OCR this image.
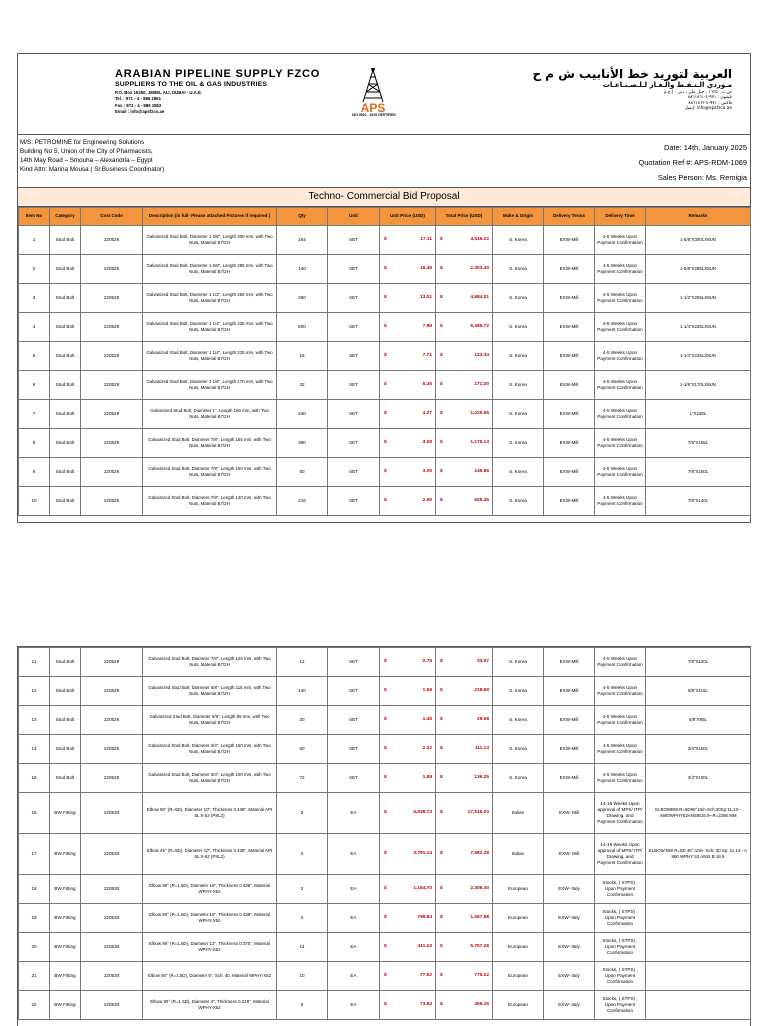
ARABIAN PIPELINE SUPPLY FZCO
SUPPLIERS TO THE OIL & GAS INDUSTRIES
P.O. Box 16250, JEBEL ALI, DUBAI - U.A.E.
Tel. : 971 - 4 - 886 1861
Fax : 971 - 4 - 886 1862
Email : info@apsfzco.ae	APS
ISO 9001 : 2015 CERTIFIED
العربية لتوريد خط الأنابيب ش م ح
مـوردي الـنـفـط والـغـاز لـلـصـنـاعـات
ص.ب ١٦٢٥٠ ، جبل علي ، دبي - إ.ع.م
تليفون : ٩٧١-٤-٨٨٦١٨٦١
فاكس : ٩٧١-٤-٨٨٦١٨٦٢
info@apsfzco.ae :إيميل
M/S: PETROMINE for Engineering Solutions
Building No 5, Union of the City of Pharmacists,
14th May Road – Smouha – Alexandria – Egypt
Kind Attn: Marina Mousa ( Sr.Business Coordinator)
Date: 14th, January 2025
Quotation Ref #: APS-RDM-1069
Sales Person: Ms. Remigia
Techno- Commercial Bid Proposal
Item No	Category	Cost Code	Description (in full- Please attached Pictures if required )	Qty	Unit	Unit Price (USD)	Total Price (USD)	Make & Origin	Delivery Terms	Delivery Time	Remarks
1	Stud Bolt	220529	Galvanized Stud Bolt, Diameter 1 5/8", Length 300 mm, with Two Nuts, Material B7/2H	264	SET	$ 17.11	$ 4,516.22	S. Korea	EXW-Mill	4-5 Weeks Upon Payment Confirmation	1-5/8"X300LX8UN
2	Stud Bolt	220529	Galvanized Stud Bolt, Diameter 1 5/8", Length 285 mm, with Two Nuts, Material B7/2H	140	SET	$ 16.45	$ 2,303.40	S. Korea	EXW-Mill	4-5 Weeks Upon Payment Confirmation	1-5/8"X285LX8UN
3	Stud Bolt	220529	Galvanized Stud Bolt, Diameter 1 1/2", Length 265 mm, with Two Nuts, Material B7/2H	360	SET	$ 13.01	$ 4,684.01	S. Korea	EXW-Mill	4-5 Weeks Upon Payment Confirmation	1-1/2"X265LX8UN
4	Stud Bolt	220529	Galvanized Stud Bolt, Diameter 1 1/4", Length 235 mm, with Two Nuts, Material B7/2H	800	SET	$ 7.99	$ 6,395.72	S. Korea	EXW-Mill	4-5 Weeks Upon Payment Confirmation	1-1/4"X235LX8UN
5	Stud Bolt	220529	Galvanized Stud Bolt, Diameter 1 1/4", Length 225 mm, with Two Nuts, Material B7/2H	16	SET	$ 7.71	$ 123.34	S. Korea	EXW-Mill	4-5 Weeks Upon Payment Confirmation	1-1/4"X225LX8UN
6	Stud Bolt	220529	Galvanized Stud Bolt, Diameter 1 1/8", Length 170 mm, with Two Nuts, Material B7/2H	32	SET	$ 5.35	$ 171.20	S. Korea	EXW-Mill	4-5 Weeks Upon Payment Confirmation	1-1/8"X170LX8UN
7	Stud Bolt	220529	Galvanized Stud Bolt, Diameter 1", Length 180 mm, with Two Nuts, Material B7/2H	240	SET	$ 4.27	$ 1,025.65	S. Korea	EXW-Mill	4-5 Weeks Upon Payment Confirmation	1"X180L
8	Stud Bolt	220529	Galvanized Stud Bolt, Diameter 7/8", Length 155 mm, with Two Nuts, Material B7/2H	380	SET	$ 3.09	$ 1,175.13	S. Korea	EXW-Mill	4-5 Weeks Upon Payment Confirmation	7/8"X155L
9	Stud Bolt	220529	Galvanized Stud Bolt, Diameter 7/8", Length 150 mm, with Two Nuts, Material B7/2H	50	SET	$ 3.00	$ 149.86	S. Korea	EXW-Mill	4-5 Weeks Upon Payment Confirmation	7/8"X150L
10	Stud Bolt	220529	Galvanized Stud Bolt, Diameter 7/8", Length 140 mm, with Two Nuts, Material B7/2H	216	SET	$ 2.90	$ 625.45	S. Korea	EXW-Mill	4-5 Weeks Upon Payment Confirmation	7/8"X140L
11	Stud Bolt	220529	Galvanized Stud Bolt, Diameter 7/8", Length 120 mm, with Two Nuts, Material B7/2H	12	SET	$ 2.76	$ 33.07	S. Korea	EXW-Mill	4-5 Weeks Upon Payment Confirmation	7/8"X120L
12	Stud Bolt	220529	Galvanized Stud Bolt, Diameter 5/8", Length 115 mm, with Two Nuts, Material B7/2H	140	SET	$ 1.56	$ 218.69	S. Korea	EXW-Mill	4-5 Weeks Upon Payment Confirmation	5/8"X115L
13	Stud Bolt	220529	Galvanized Stud Bolt, Diameter 5/8", Length 95 mm, with Two Nuts, Material B7/2H	20	SET	$ 1.45	$ 29.08	S. Korea	EXW-Mill	4-5 Weeks Upon Payment Confirmation	5/8"X95L
14	Stud Bolt	220529	Galvanized Stud Bolt, Diameter 3/4", Length 150 mm, with Two Nuts, Material B7/2H	50	SET	$ 2.22	$ 111.13	S. Korea	EXW-Mill	4-5 Weeks Upon Payment Confirmation	3/4"X150L
15	Stud Bolt	220529	Galvanized Stud Bolt, Diameter 3/4", Length 100 mm, with Two Nuts, Material B7/2H	72	SET	$ 1.89	$ 136.25	S. Korea	EXW-Mill	4-5 Weeks Upon Payment Confirmation	3/4"X100L
16	BW Fitting	220530	Elbow 90° (R=5D), Diameter 10", Thickness 0.438", Material API 5L X-52 (PSL2)	3	EA	$ 5,838.73	$ 17,516.20	Italian	EXW- Mill	14-16 Weeks Upon approval of MPS/ ITP/ Drawing, and Payment Confirmation	ELBOWBW:R=5D90°10in-Sch:30Sp:11,13-- A860WPHY52ANSIB16.9--R=2286 MM
17	BW Fitting	220530	Elbow 45° (R=5D), Diameter 10", Thickness 0.438", Material API 5L X-52 (PSL2)	2	EA	$ 3,791.14	$ 7,582.28	Italian	EXW- Mill	14-16 Weeks Upon approval of MPS/ ITP/ Drawing, and Payment Confirmation	ELBOW BW R=5D 45° 10in- Sch: 30 Sp: 11,13-- A 860 WPHY 52 ANSI B 16.9
18	BW Fitting	220530	Elbow 90° (R=1.5D), Diameter 18", Thickness 0.438", Material WPHY-X52	2	EA	$ 1,154.70	$ 2,309.40	European	EXW- Italy	Stocks, ( STPS) , Upon Payment Confirmation	
19	BW Fitting	220530	Elbow 90° (R=1.5D), Diameter 16", Thickness 0.438", Material WPHY-X52	2	EA	$ 798.84	$ 1,597.68	European	EXW- Italy	Stocks, ( STPS) , Upon Payment Confirmation	
20	BW Fitting	220530	Elbow 90° (R=1.5D), Diameter 12", Thickness 0.375", Material WPHY-X52	14	EA	$ 411.23	$ 5,757.26	European	EXW- Italy	Stocks, ( STPS) , Upon Payment Confirmation	
21	BW Fitting	220530	Elbow 90° (R=1.5D), Diameter 6", Sch. 40, Material WPHY-X52	10	EA	$ 77.52	$ 775.22	European	EXW- Italy	Stocks, ( STPS) , Upon Payment Confirmation	
22	BW Fitting	220530	Elbow 90° (R=1.5D), Diameter 4", Thickness 0.218", Material WPHY-X52	5	EA	$ 73.83	$ 369.15	European	EXW- Italy	Stocks, ( STPS) , Upon Payment Confirmation	
